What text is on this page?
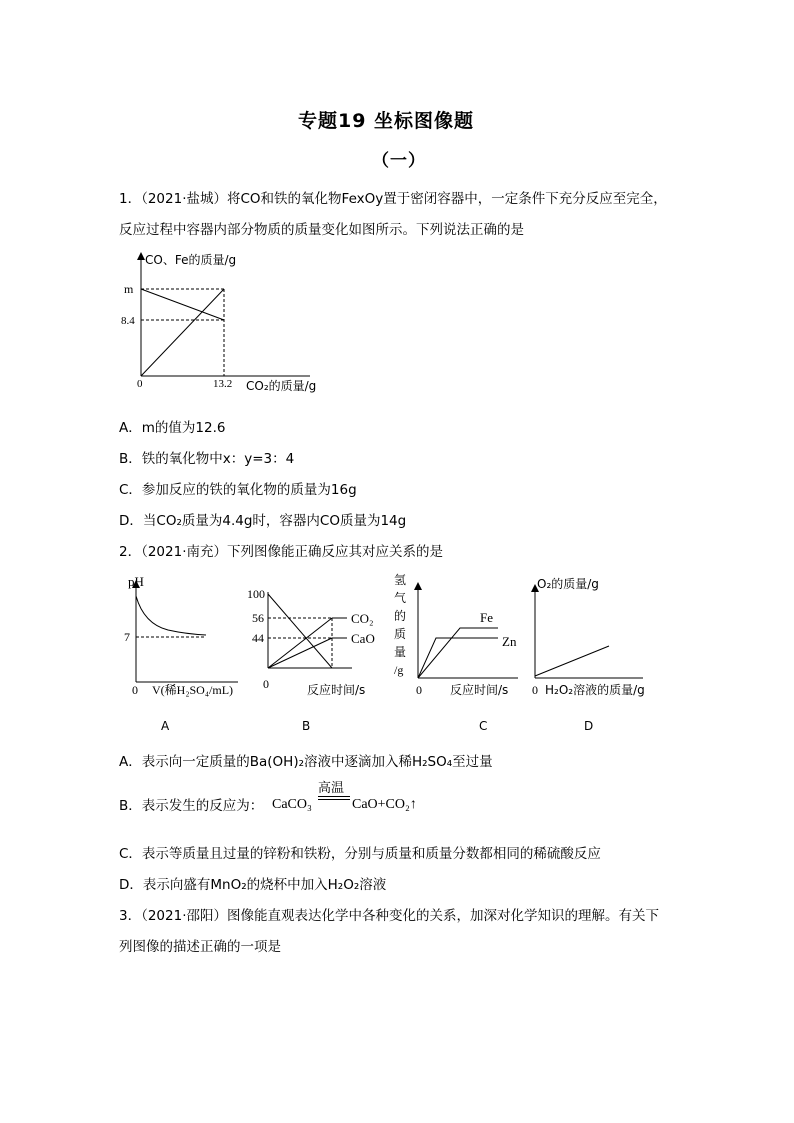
专题19 坐标图像题
（一）
1．（2021·盐城）将CO和铁的氧化物FexOy置于密闭容器中，一定条件下充分反应至完全，
反应过程中容器内部分物质的质量变化如图所示。下列说法正确的是
CO、Fe的质量/g
m
8.4
0	13.2 CO₂的质量/g
A．m的值为12.6
B．铁的氧化物中x：y=3：4
C．参加反应的铁的氧化物的质量为16g
D．当CO₂质量为4.4g时，容器内CO质量为14g
2．（2021·南充）下列图像能正确反应其对应关系的是
pH
7
0 V(稀H₂SO₄/mL)
A
100
56
44
0
CO₂
CaO
反应时间/s
B
氢
气
的
质
量
/g
Fe
Zn
0 反应时间/s
C
O₂的质量/g
0 H₂O₂溶液的质量/g
D
A．表示向一定质量的Ba(OH)₂溶液中逐滴加入稀H₂SO₄至过量
B．表示发生的反应为： CaCO₃
高温
CaO+CO₂↑
C．表示等质量且过量的锌粉和铁粉，分别与质量和质量分数都相同的稀硫酸反应
D．表示向盛有MnO₂的烧杯中加入H₂O₂溶液
3．（2021·邵阳）图像能直观表达化学中各种变化的关系，加深对化学知识的理解。有关下
列图像的描述正确的一项是
